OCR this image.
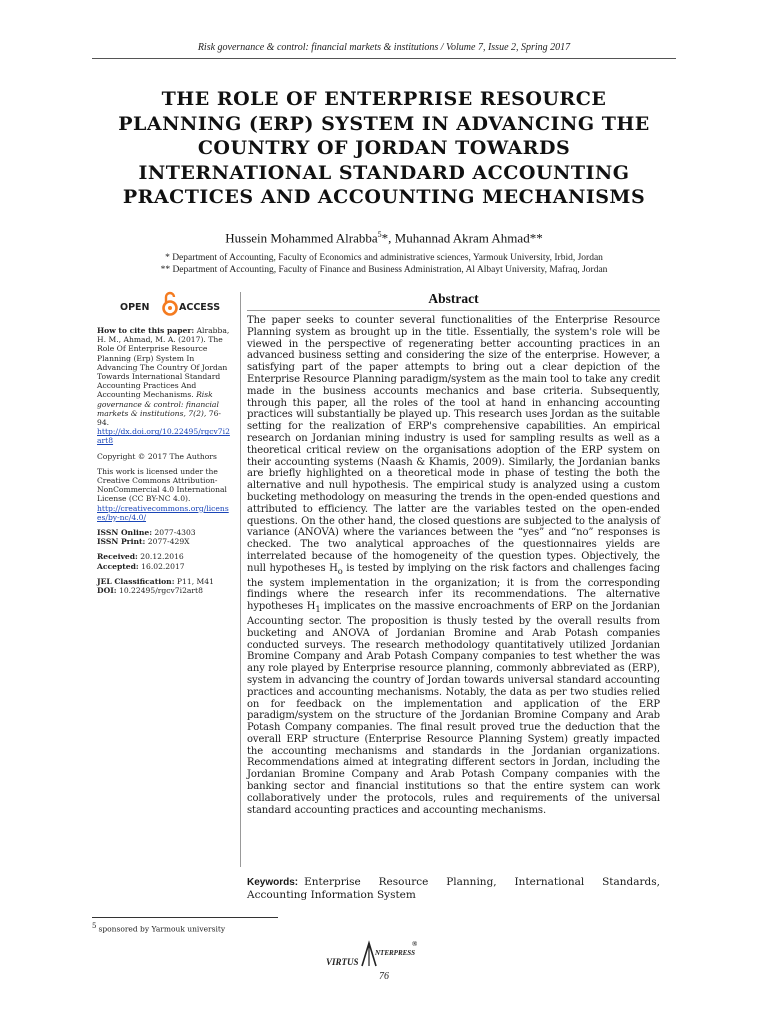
Risk governance & control: financial markets & institutions / Volume 7, Issue 2, Spring 2017
THE ROLE OF ENTERPRISE RESOURCE
PLANNING (ERP) SYSTEM IN ADVANCING THE
COUNTRY OF JORDAN TOWARDS
INTERNATIONAL STANDARD ACCOUNTING
PRACTICES AND ACCOUNTING MECHANISMS
Hussein Mohammed Alrabba$^5$*, Muhannad Akram Ahmad**
* Department of Accounting, Faculty of Economics and administrative sciences, Yarmouk University, Irbid, Jordan
** Department of Accounting, Faculty of Finance and Business Administration, Al Albayt University, Mafraq, Jordan
OPEN	ACCESS

How to cite this paper: Alrabba, H. M., Ahmad, M. A. (2017). The Role Of Enterprise Resource Planning (Erp) System In Advancing The Country Of Jordan Towards International Standard Accounting Practices And Accounting Mechanisms. Risk governance & control: financial markets & institutions, 7(2), 76-94.
http://dx.doi.org/10.22495/rgcv7i2art8

Copyright © 2017 The Authors

This work is licensed under the Creative Commons Attribution-NonCommercial 4.0 International License (CC BY-NC 4.0).
http://creativecommons.org/licenses/by-nc/4.0/

ISSN Online: 2077-4303
ISSN Print: 2077-429X

Received: 20.12.2016
Accepted: 16.02.2017

JEL Classification: P11, M41
DOI: 10.22495/rgcv7i2art8

Abstract
The paper seeks to counter several functionalities of the Enterprise Resource Planning system as brought up in the title. Essentially, the system's role will be viewed in the perspective of regenerating better accounting practices in an advanced business setting and considering the size of the enterprise. However, a satisfying part of the paper attempts to bring out a clear depiction of the Enterprise Resource Planning paradigm/system as the main tool to take any credit made in the business accounts mechanics and base criteria. Subsequently, through this paper, all the roles of the tool at hand in enhancing accounting practices will substantially be played up. This research uses Jordan as the suitable setting for the realization of ERP's comprehensive capabilities. An empirical research on Jordanian mining industry is used for sampling results as well as a theoretical critical review on the organisations adoption of the ERP system on their accounting systems (Naash & Khamis, 2009). Similarly, the Jordanian banks are briefly highlighted on a theoretical mode in phase of testing the both the alternative and null hypothesis. The empirical study is analyzed using a custom bucketing methodology on measuring the trends in the open-ended questions and attributed to efficiency. The latter are the variables tested on the open-ended questions. On the other hand, the closed questions are subjected to the analysis of variance (ANOVA) where the variances between the “yes” and “no” responses is checked. The two analytical approaches of the questionnaires yields are interrelated because of the homogeneity of the question types. Objectively, the null hypotheses $H_o$ is tested by implying on the risk factors and challenges facing the system implementation in the organization; it is from the corresponding findings where the research infer its recommendations. The alternative hypotheses $H_1$ implicates on the massive encroachments of ERP on the Jordanian Accounting sector. The proposition is thusly tested by the overall results from bucketing and ANOVA of Jordanian Bromine and Arab Potash companies conducted surveys. The research methodology quantitatively utilized Jordanian Bromine Company and Arab Potash Company companies to test whether the was any role played by Enterprise resource planning, commonly abbreviated as (ERP), system in advancing the country of Jordan towards universal standard accounting practices and accounting mechanisms. Notably, the data as per two studies relied on for feedback on the implementation and application of the ERP paradigm/system on the structure of the Jordanian Bromine Company and Arab Potash Company companies. The final result proved true the deduction that the overall ERP structure (Enterprise Resource Planning System) greatly impacted the accounting mechanisms and standards in the Jordanian organizations. Recommendations aimed at integrating different sectors in Jordan, including the Jordanian Bromine Company and Arab Potash Company companies with the banking sector and financial institutions so that the entire system can work collaboratively under the protocols, rules and requirements of the universal standard accounting practices and accounting mechanisms.
Keywords: Enterprise Resource Planning, International Standards, Accounting Information System
$^5$ sponsored by Yarmouk university
VIRTUS
NTERPRESS
®
76
